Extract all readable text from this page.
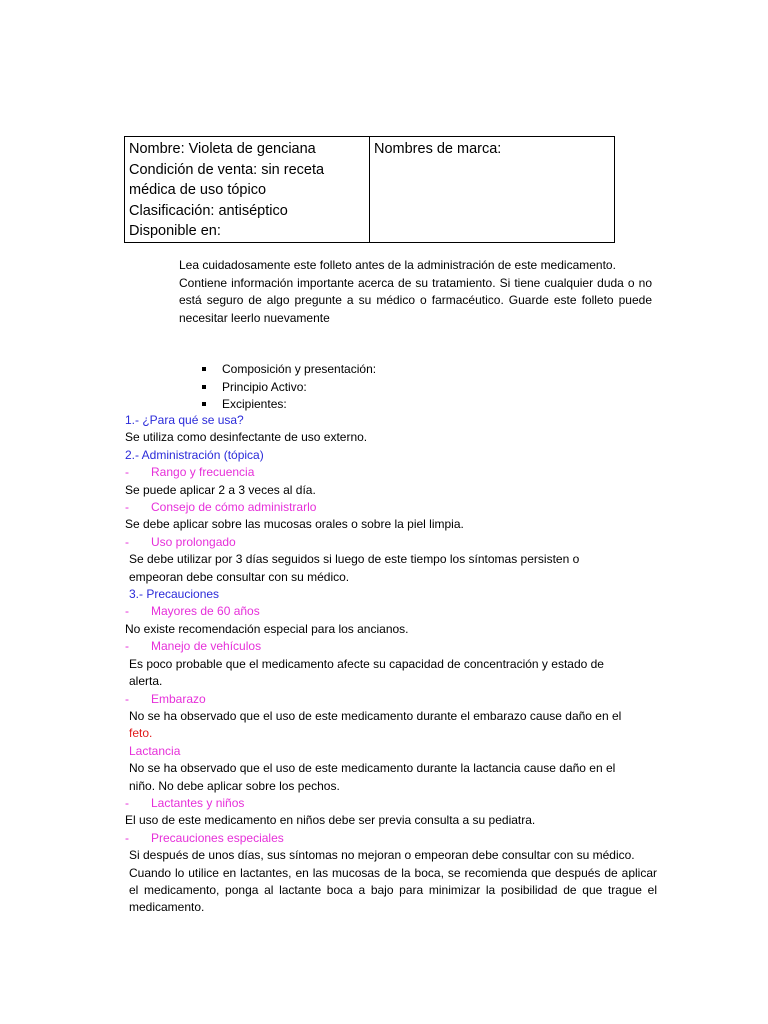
Nombre: Violeta de genciana
Condición de venta: sin receta
médica de uso tópico
Clasificación: antiséptico
Disponible en:

Nombres de marca:
Lea cuidadosamente este folleto antes de la administración de este medicamento.
Contiene información importante acerca de su tratamiento. Si tiene cualquier duda o no está seguro de algo pregunte a su médico o farmacéutico. Guarde este folleto puede necesitar leerlo nuevamente
Composición y presentación:
Principio Activo:
Excipientes:
1.- ¿Para qué se usa?
Se utiliza como desinfectante de uso externo.
2.- Administración (tópica)
- Rango y frecuencia
Se puede aplicar 2 a 3 veces al día.
- Consejo de cómo administrarlo
Se debe aplicar sobre las mucosas orales o sobre la piel limpia.
- Uso prolongado
Se debe utilizar por 3 días seguidos si luego de este tiempo los síntomas persisten o
empeoran debe consultar con su médico.
3.- Precauciones
- Mayores de 60 años
No existe recomendación especial para los ancianos.
- Manejo de vehículos
Es poco probable que el medicamento afecte su capacidad de concentración y estado de
alerta.
- Embarazo
No se ha observado que el uso de este medicamento durante el embarazo cause daño en el
feto.
Lactancia
No se ha observado que el uso de este medicamento durante la lactancia cause daño en el
niño. No debe aplicar sobre los pechos.
- Lactantes y niños
El uso de este medicamento en niños debe ser previa consulta a su pediatra.
- Precauciones especiales
Si después de unos días, sus síntomas no mejoran o empeoran debe consultar con su médico.
Cuando lo utilice en lactantes, en las mucosas de la boca, se recomienda que después de aplicar el medicamento, ponga al lactante boca a bajo para minimizar la posibilidad de que trague el medicamento.
